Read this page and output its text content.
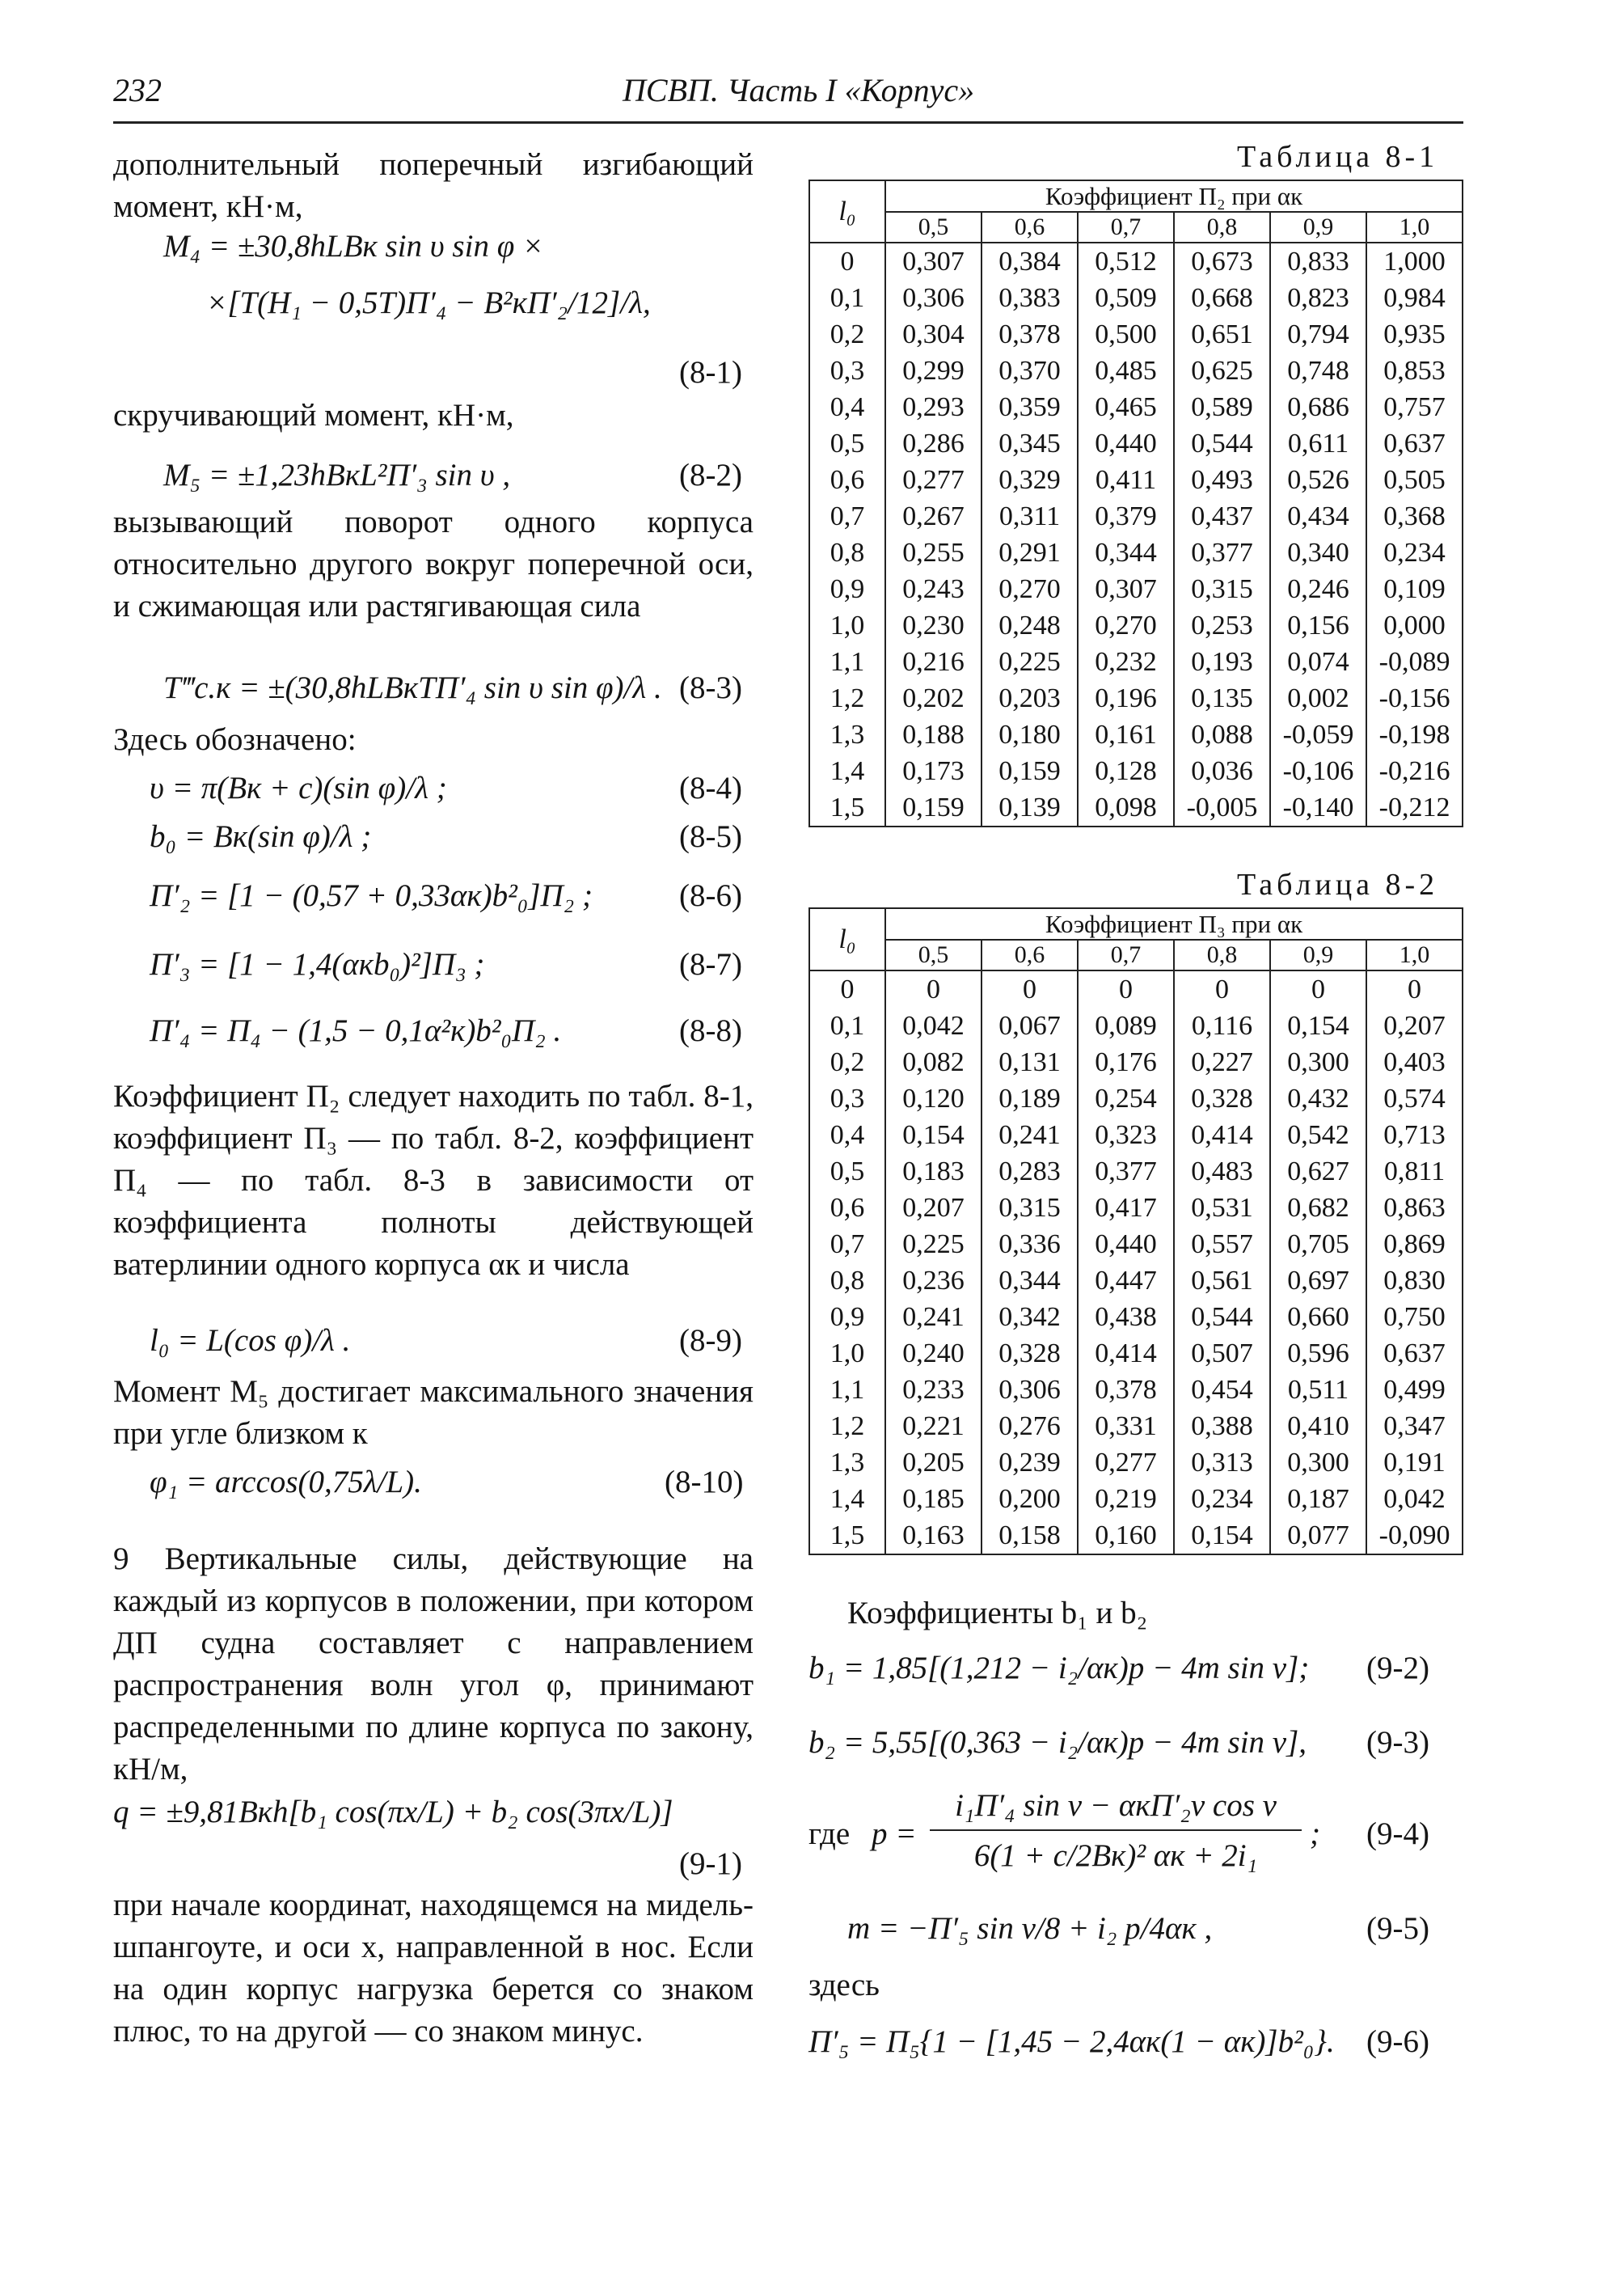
232	ПСВП. Часть I «Корпус»

дополнительный поперечный изгибающий момент, кН·м,

M₄ = ±30,8hLBк sin υ sin φ ×
×[T(H₁ − 0,5T)Π′₄ − B²кΠ′₂/12]/λ,
(8-1)

скручивающий момент, кН·м,

M₅ = ±1,23hBкL²Π′₃ sin υ ,	(8-2)

вызывающий поворот одного корпуса относительно другого вокруг поперечной оси, и сжимающая или растягивающая сила

T‴с.к = ±(30,8hLBкTΠ′₄ sin υ sin φ)/λ . (8-3)
Здесь обозначено:
υ = π(Bк + c)(sin φ)/λ ;	(8-4)
b₀ = Bк(sin φ)/λ ;	(8-5)
Π′₂ = [1 − (0,57 + 0,33αк)b²₀]Π₂ ;	(8-6)
Π′₃ = [1 − 1,4(αкb₀)²]Π₃ ;	(8-7)
Π′₄ = Π₄ − (1,5 − 0,1α²к)b²₀Π₂ .	(8-8)

Коэффициент Π₂ следует находить по табл. 8-1, коэффициент Π₃ — по табл. 8-2, коэффициент Π₄ — по табл. 8-3 в зависимости от коэффициента полноты действующей ватерлинии одного корпуса αк и числа

l₀ = L(cos φ)/λ .	(8-9)

Момент M₅ достигает максимального значения при угле близком к

φ₁ = arccos(0,75λ/L).	(8-10)

9 Вертикальные силы, действующие на каждый из корпусов в положении, при котором ДП судна составляет с направлением распространения волн угол φ, принимают распределенными по длине корпуса по закону, кН/м,

q = ±9,81Bкh[b₁ cos(πx/L) + b₂ cos(3πx/L)]
(9-1)

при начале координат, находящемся на мидель-шпангоуте, и оси x, направленной в нос. Если на один корпус нагрузка берется со знаком плюс, то на другой — со знаком минус.

Таблица 8-1
l₀	Коэффициент Π₂ при αк					
	0,5	0,6	0,7	0,8	0,9	1,0
0	0,307	0,384	0,512	0,673	0,833	1,000
0,1	0,306	0,383	0,509	0,668	0,823	0,984
0,2	0,304	0,378	0,500	0,651	0,794	0,935
0,3	0,299	0,370	0,485	0,625	0,748	0,853
0,4	0,293	0,359	0,465	0,589	0,686	0,757
0,5	0,286	0,345	0,440	0,544	0,611	0,637
0,6	0,277	0,329	0,411	0,493	0,526	0,505
0,7	0,267	0,311	0,379	0,437	0,434	0,368
0,8	0,255	0,291	0,344	0,377	0,340	0,234
0,9	0,243	0,270	0,307	0,315	0,246	0,109
1,0	0,230	0,248	0,270	0,253	0,156	0,000
1,1	0,216	0,225	0,232	0,193	0,074	-0,089
1,2	0,202	0,203	0,196	0,135	0,002	-0,156
1,3	0,188	0,180	0,161	0,088	-0,059	-0,198
1,4	0,173	0,159	0,128	0,036	-0,106	-0,216
1,5	0,159	0,139	0,098	-0,005	-0,140	-0,212
Таблица 8-2
l₀	Коэффициент Π₃ при αк					
	0,5	0,6	0,7	0,8	0,9	1,0
0	0	0	0	0	0	0
0,1	0,042	0,067	0,089	0,116	0,154	0,207
0,2	0,082	0,131	0,176	0,227	0,300	0,403
0,3	0,120	0,189	0,254	0,328	0,432	0,574
0,4	0,154	0,241	0,323	0,414	0,542	0,713
0,5	0,183	0,283	0,377	0,483	0,627	0,811
0,6	0,207	0,315	0,417	0,531	0,682	0,863
0,7	0,225	0,336	0,440	0,557	0,705	0,869
0,8	0,236	0,344	0,447	0,561	0,697	0,830
0,9	0,241	0,342	0,438	0,544	0,660	0,750
1,0	0,240	0,328	0,414	0,507	0,596	0,637
1,1	0,233	0,306	0,378	0,454	0,511	0,499
1,2	0,221	0,276	0,331	0,388	0,410	0,347
1,3	0,205	0,239	0,277	0,313	0,300	0,191
1,4	0,185	0,200	0,219	0,234	0,187	0,042
1,5	0,163	0,158	0,160	0,154	0,077	-0,090
Коэффициенты b₁ и b₂
b₁ = 1,85[(1,212 − i₂/αк)p − 4m sin v]; (9-2)
b₂ = 5,55[(0,363 − i₂/αк)p − 4m sin v], (9-3)
где p =
i₁Π′₄ sin v − αкΠ′₂v cos v
6(1 + c/2Bк)² αк + 2i₁
; (9-4)
m = −Π′₅ sin v/8 + i₂ p/4αк ,	(9-5)
здесь
Π′₅ = Π₅{1 − [1,45 − 2,4αк(1 − αк)]b²₀}. (9-6)
